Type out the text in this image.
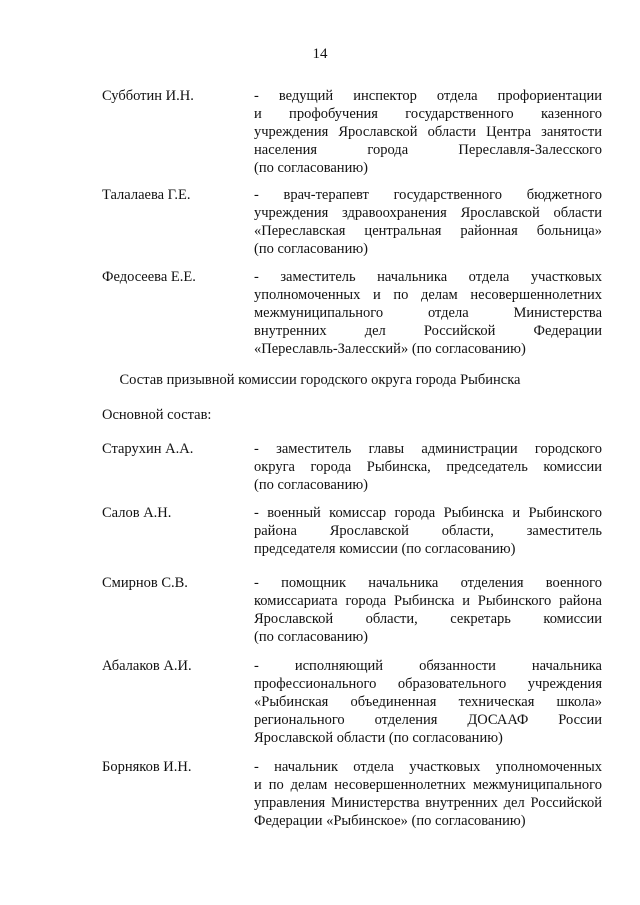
14
Субботин И.Н.	- ведущий инспектор отдела профориентации
и профобучения государственного казенного
учреждения Ярославской области Центра занятости
населения города Переславля-Залесского
(по согласованию)
Талалаева Г.Е.	- врач-терапевт государственного бюджетного
учреждения здравоохранения Ярославской области
«Переславская центральная районная больница»
(по согласованию)
Федосеева Е.Е.	- заместитель начальника отдела участковых
уполномоченных и по делам несовершеннолетних
межмуниципального отдела Министерства
внутренних дел Российской Федерации
«Переславль-Залесский» (по согласованию)
Состав призывной комиссии городского округа города Рыбинска
Основной состав:
Старухин А.А.	- заместитель главы администрации городского
округа города Рыбинска, председатель комиссии
(по согласованию)
Салов А.Н.	- военный комиссар города Рыбинска и Рыбинского
района Ярославской области, заместитель
председателя комиссии (по согласованию)
Смирнов С.В.	- помощник начальника отделения военного
комиссариата города Рыбинска и Рыбинского района
Ярославской области, секретарь комиссии
(по согласованию)
Абалаков А.И.	- исполняющий обязанности начальника
профессионального образовательного учреждения
«Рыбинская объединенная техническая школа»
регионального отделения ДОСААФ России
Ярославской области (по согласованию)
Борняков И.Н.	- начальник отдела участковых уполномоченных
и по делам несовершеннолетних межмуниципального
управления Министерства внутренних дел Российской
Федерации «Рыбинское» (по согласованию)
